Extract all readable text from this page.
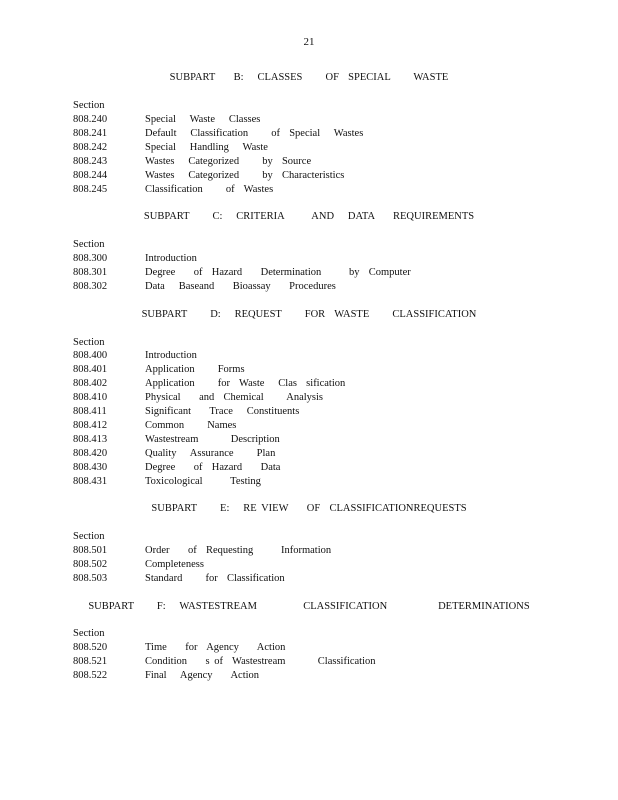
21
SUBPART    B:   CLASSES     OF  SPECIAL     WASTE
Section
808.240	Special   Waste   Classes
808.241	Default   Classification     of  Special   Wastes
808.242	Special   Handling   Waste
808.243	Wastes   Categorized     by  Source
808.244	Wastes   Categorized     by  Characteristics
808.245	Classification     of  Wastes
SUBPART     C:   CRITERIA      AND   DATA    REQUIREMENTS
Section
808.300	Introduction
808.301	Degree    of  Hazard    Determination      by  Computer
808.302	Data   Baseand    Bioassay    Procedures
SUBPART     D:   REQUEST     FOR  WASTE     CLASSIFICATION
Section
808.400	Introduction
808.401	Application     Forms
808.402	Application     for  Waste   Clas  sification
808.410	Physical    and  Chemical     Analysis
808.411	Significant    Trace   Constituents
808.412	Common     Names
808.413	Wastestream       Description
808.420	Quality   Assurance     Plan
808.430	Degree    of  Hazard    Data
808.431	Toxicological      Testing
SUBPART     E:   RE VIEW    OF  CLASSIFICATIONREQUESTS
Section
808.501	Order    of  Requesting      Information
808.502	Completeness
808.503	Standard     for  Classification
SUBPART     F:   WASTESTREAM          CLASSIFICATION           DETERMINATIONS
Section
808.520	Time    for  Agency    Action
808.521	Condition    s of  Wastestream       Classification
808.522	Final   Agency    Action
